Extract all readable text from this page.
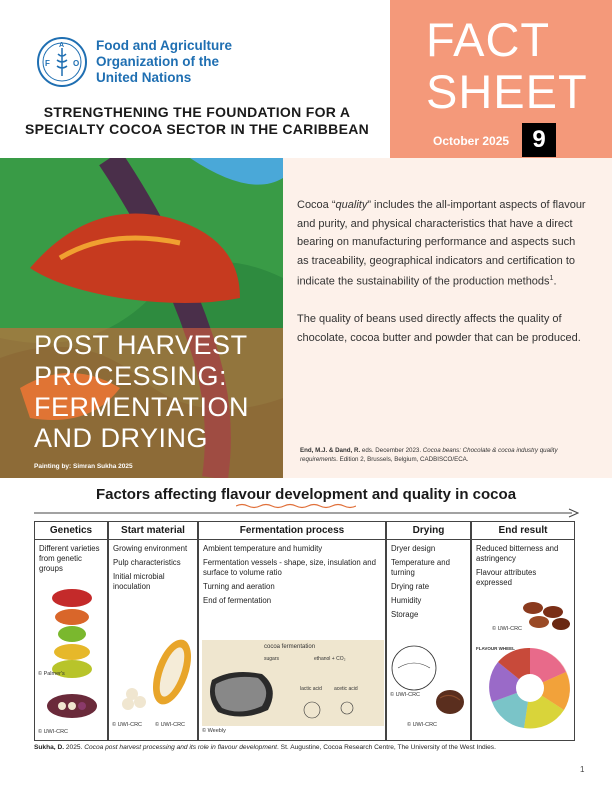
F
A
O
Food and Agriculture Organization of the United Nations
STRENGTHENING THE FOUNDATION FOR A
SPECIALTY COCOA SECTOR IN THE CARIBBEAN
FACT
SHEET
October 2025 9
POST HARVEST
PROCESSING:
FERMENTATION
AND DRYING
Painting by: Simran Sukha 2025

Cocoa “quality” includes the all-important aspects of flavour and purity, and physical characteristics that have a direct bearing on manufacturing performance and aspects such as traceability, geographical indicators and certification to indicate the sustainability of the production methods$^1$.

The quality of beans used directly affects the quality of chocolate, cocoa butter and powder that can be produced.

End, M.J. & Dand, R. eds. December 2023. Cocoa beans: Chocolate & cocoa industry quality requirements. Edition 2, Brussels, Belgium, CADBISCO/ECA.
Factors affecting flavour development and quality in cocoa
Genetics
Different varieties from genetic groups
© Palmer's
© UWI-CRC
Start material
Growing environment
Pulp characteristics
Initial microbial inoculation
© UWI-CRC © UWI-CRC
Fermentation process
Ambient temperature and humidity
Fermentation vessels - shape, size, insulation and surface to volume ratio
Turning and aeration
End of fermentation
cocoa fermentation
sugars	ethanol + CO₂
lactic acid acetic acid
© Weebly
Drying
Dryer design
Temperature and turning
Drying rate
Humidity
Storage
© UWI-CRC
© UWI-CRC
End result
Reduced bitterness and astringency
Flavour attributes expressed
© UWI-CRC
FLAVOUR WHEEL
Sukha, D. 2025. Cocoa post harvest processing and its role in flavour development. St. Augustine, Cocoa Research Centre, The University of the West Indies.
1
